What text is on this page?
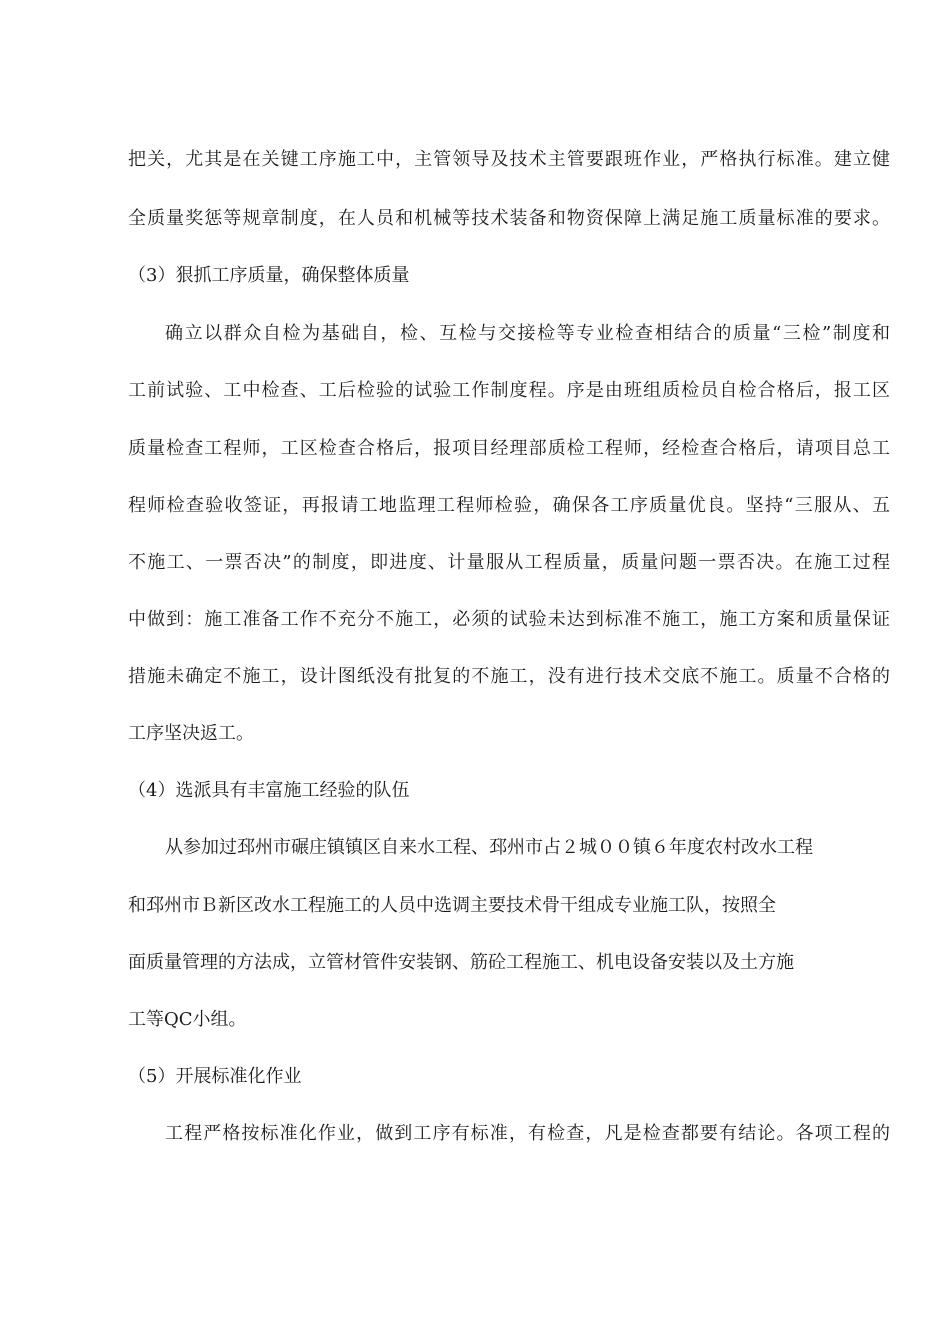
把关，尤其是在关键工序施工中，主管领导及技术主管要跟班作业，严格执行标准。建立健

全质量奖惩等规章制度，在人员和机械等技术装备和物资保障上满足施工质量标准的要求。

（3）狠抓工序质量，确保整体质量

确立以群众自检为基础自，检、互检与交接检等专业检查相结合的质量“三检”制度和

工前试验、工中检查、工后检验的试验工作制度程。序是由班组质检员自检合格后，报工区

质量检查工程师，工区检查合格后，报项目经理部质检工程师，经检查合格后，请项目总工

程师检查验收签证，再报请工地监理工程师检验，确保各工序质量优良。坚持“三服从、五

不施工、一票否决”的制度，即进度、计量服从工程质量，质量问题一票否决。在施工过程

中做到：施工准备工作不充分不施工，必须的试验未达到标准不施工，施工方案和质量保证

措施未确定不施工，设计图纸没有批复的不施工，没有进行技术交底不施工。质量不合格的

工序坚决返工。

（4）选派具有丰富施工经验的队伍

从参加过邳州市碾庄镇镇区自来水工程、邳州市占２城００镇６年度农村改水工程

和邳州市Ｂ新区改水工程施工的人员中选调主要技术骨干组成专业施工队，按照全

面质量管理的方法成，立管材管件安装钢、筋砼工程施工、机电设备安装以及土方施

工等QC小组。

（5）开展标准化作业

工程严格按标准化作业，做到工序有标准，有检查，凡是检查都要有结论。各项工程的
